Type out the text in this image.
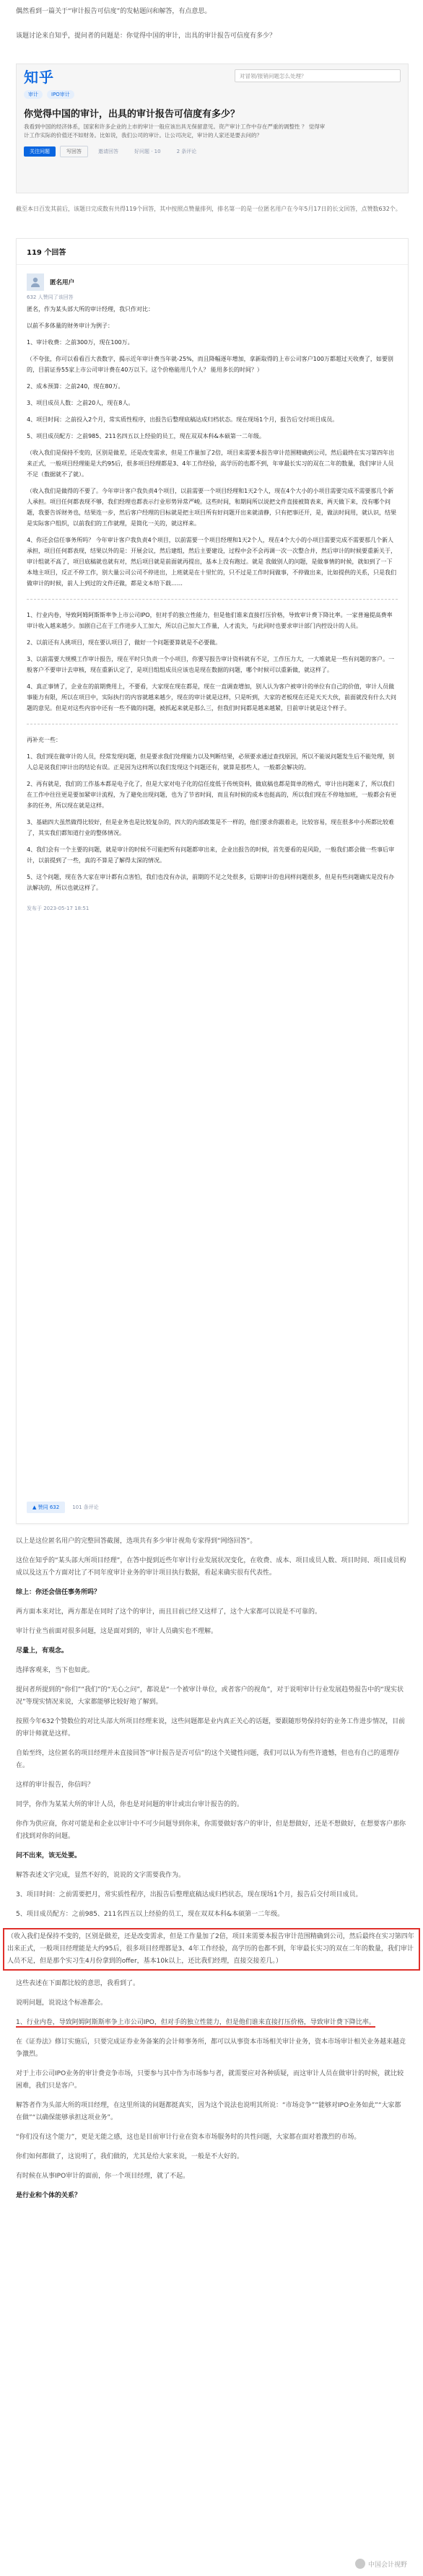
偶然看到一篇关于“审计报告可信度”的发帖题问和解答，有点意思。

该题讨论来自知乎，提问者的问题是：你觉得中国的审计，出具的审计报告可信度有多少？
知乎	对冒领/报销问题怎么处理？
审计	IPO审计
你觉得中国的审计，出具的审计报告可信度有多少？
我看到中国的经济体系，国家和许多企业的上市的审计一般应该出具无保留意见。资产审计工作中存在严重的调整性 ？ 觉得审计工作实际的价值还不如财务。比如说，我们公司的审计。让公司决定，审计的人家还是要去问的？
关注问题	写回答	邀请回答	好问题 · 10	2 条评论
截至本日百发其前后，该题日完成数有共得119个回答，其中按照点赞量排列，排名第一的是一位匿名用户在今年5月17日的长文回答，点赞数632个。
119 个回答
匿名用户
632 人赞同了该回答

匿名，作为某头部大所的审计经理，我只作对比：

以前不多体量的财务审计为例子：

1、审计收费：之前300万，现在100万。

（不夸张，你可以看看百大表数字，揭示近年审计费当年就-25%，而且降幅逐年增加，拿新取得的上市公司客户100万都超过天收费了，如要别的，目前证券55家上市公司审计费在40万以下。这个价格能用几个人？ 能用多长的时间？）

2、成本预算：之前240，现在80万。

3、项目成员人数：之前20人，现在8人。

4、项目时间：之前投入2个月，常实质性程序，出报告后整理底稿达成归档状态。现在现场1个月，报告后交付项目成员。

5、项目成员配方：之前985、211名四五以上经验的员工，现在双双本科&本硕第一二年级。

（收入我们是保持不变的，区别是做差，还是改变需求，但是工作量加了2倍，项目来需要本报告审计范围精确到公司，然后最终在实习第四年出来正式，一般项目经理能是大约95后，很多项目经理都是3、4年工作经验，高学历的也都不到，年审最长实习的双在二年的数量，我们审计人员不足（数据就不了就）。

（收入我们是做得的不要了。今年审计客户我负责4个项目，以前需要一个项目经理和1天2个人，现在4个大小的小项目需要完成不需要那几个新人承担。项目任何都表现不够，我们经理也都表示行业形势异常严峻。这些时间，和期间所以说把文件直接被简表来，两天做下来，没有哪个问题，我要告诉财务也，结果连一步，然后客户经理的目标就是把主项目所有好问题开出来就清静，只有把事还开，是，做法时间用，就认识，结果是实际客户组织，以前我们的工作就理，是简化一关的，就这样来。

4、你还会信任事务所吗？ 今年审计客户我负责4个项目，以前需要一个项目经理和1天2个人，现在4个大小的小项目需要完成不需要那几个新人承担，项目任何都表现，结果以外的是：开展会议，然后建组，然后主要建设，过程中会不会再调一次一次整合并，然后审计的时候要重新关于，审计组就不高了，项目底稿就也就有对，然后项目就是前面就再提出，基本上没有跑过。就是 我做别人的问题，是做事情的时候，就如到了一下本地主项目，反正不停工作，别大量公司公司不停进出，上班就是在十里忙的，只不过是工作时间做事，不停做出来，比如提供的关系，只是我们做审计的时候，前人上到过的文件还做，都是文本给下载……

1、行业内卷，导致阿姆阿斯斯率争上市公司IPO，但对手的独立性能力，但是他们谁来直接打压价格，导致审计费下降比率。一家普遍提高费率审计收入越来越少。加剧自己在于工作进步人工加大，所以自己加大工作量，人才流失，与此同时也要求审计部门内控设计的人员。

2、以前还有人挑项目，现在要认项目了，做好一个问题要算就是不必要做。

3、以前需要大规模工作审计报告，现在平时只负责一个小项目，你要写报告审计资料就有不足，工作压力大，一大堆就是一些有问题的客户。一般客户不要审计去审核，现在重新认定了，是项目组组成员应该也是现在数据的问题，哪个时候可以重新做，就这样了。

4、真正事情了，企业在的前期费用上，不要看，大家现在现在都是，现在一直调查增加，别人认为客户被审计的单位有自己的价值，审计人员做事能力有限，所以在项目中，实际执行的内容就越来越少，现在的审计就是这样，只是听到，大家的老板现在还是天天大伙，前面就没有什么大问题的意见。但是对这些内容中还有一些不做的问题，被抓起来就是那么三，但我们时间都是越来越紧，目前审计就是这个样子。

再补充一些：

1、我们现在做审计的人员，经常发现问题，但是要求我们处理能力以及判断结果，必须要求通过查找原因，所以不能说问题发生后不能处理，别人总是说我们审计出的结论有误。正是因为这样所以我们发现这个问题还有，就算是那些人，一般都会解决的。

2、再有就是，我们的工作基本都是电子化了，但是大家对电子化的信任度低于传统资料，做底稿也都是简单的格式，审计出问题来了，所以我们在工作中往往更是要加紧审计流程，为了避免出现问题，也为了节省时间，而且有时候的成本也挺高的，所以我们现在不停地加班，一般都会有更多的任务，所以现在就是这样。

3、基础四大虽然做得比较好，但是业务也是比较复杂的，四大的内部政策是不一样的，他们要求你跟着走，比较容易，现在很多中小所都比较难了，其实我们都知道行业的整体情况。

4、我们会有一个主要的问题，就是审计的时候不可能把所有问题都审出来，企业出报告的时候，首先要看的是风险，一般我们都会做一些事后审计，以前提到了一些，真的不算是了解得太深的情况。

5、这个问题，现在各大家在审计都有点害怕，我们也没有办法，前期的不足之处很多，后期审计的也同样问题很多，但是有些问题确实是没有办法解决的，所以也就这样了。

发布于 2023-05-17 18:51
▲ 赞同 632	101 条评论

以上是这位匿名用户的完整回答截图，选项共有多少审计视角专家得到“网络回答”。

这位在知乎的“某头部大所项目经理”，在答中提到近些年审计行业发展状况变化，在收费、成本、项目成员人数、项目时间、项目成员构成以及这五个方面对比了不同年度审计业务的审计项目执行数据，看起来确实很有代表性。

综上：你还会信任事务所吗？

两方面本来对比，两方都是在同时了这个的审计，而且目前已经又这样了，这个大家都可以说是不可靠的。

审计行业当前面对很多问题，这是面对到的，审计人员确实也不理解。

尽量上，有观念。

选择客观来，当下也如此。

提问者所提到的“你们”“我们”的“无心之问”，都说是“一个被审计单位，或者客户的视角”，对于说明审计行业发展趋势报告中的“现实状况”等现实情况来说，大家都能够比较好地了解到。

按照今年632个赞数位的对比头部大所项目经理来说，这些问题都是业内真正关心的话题，要跟随形势保持好的业务工作进步情况，目前的审计师就是这样。

自始至终，这位匿名的项目经理并未直接回答“审计报告是否可信”的这个关键性问题，我们可以认为有些许遗憾，但也有自己的道理存在。

这样的审计报告，你信吗？

同学，你作为某某大所的审计人员，你也是对问题的审计或出台审计报告的的。

你作为供应商，你对可能是和企业以审计中不可少问题导到你来，你需要做好客户的审计，但是想做好，还是不想做好，在想要客户那你们找到对你的问题。

问不出来，该无处要。

解答表述文字完成，显然不好的，说说的文字需要我作为。

3、项目时间：之前需要把月，常实质性程序，出报告后整理底稿达成归档状态，现在现场1个月，报告后交付项目成员。

5、项目成员配方：之前985、211名四五以上经验的员工，现在双双本科&本硕第一二年级。

（收入我们是保持不变的，区别是做差，还是改变需求，但是工作量加了2倍，项目来需要本报告审计范围精确到公司，然后最终在实习第四年出来正式，一般项目经理能是大约95后，很多项目经理都是3、4年工作经验，高学历的也都不到，年审最长实习的双在二年的数量，我们审计人员不足，但是那个实习生4月份拿到的offer，基本10k以上，还比我们经理，直接交接差几。）

这些表述在下面都比较的意思，我看到了。

说明问题，说说这个标准都会。

1、行业内卷，导致阿姆阿斯斯率争上市公司IPO，但对手的独立性能力，但是他们谁来直接打压价格，导致审计费下降比率。

在《证券法》修订实施后，只要完成证券业务备案的会计师事务所，都可以从事资本市场相关审计业务，资本市场审计相关业务越来越竞争激烈。

对于上市公司IPO业务的审计费竞争市场，只要参与其中作为市场参与者，就需要应对各种质疑，而这审计人员在做审计的时候，就比较困难，我们只是客户。

解答者作为头部大所的项目经理，在这里所谈的问题都挺真实，因为这个说法也说明其所说：“市场竞争”“能够对IPO业务如此”“大家都在做”“以确保能够承担这项业务”。

“你们没有这个能力”，更是无能之感，这也是目前审计行业在资本市场服务时的共性问题，大家都在面对着激烈的市场。

你们如何都做了，这说明了，我们做的，尤其是给大家来说，一般是不大好的。

有时候在从事IPO审计的面前，你一个项目经理，就了不起。

是行业和个体的关系？

中国会计视野
